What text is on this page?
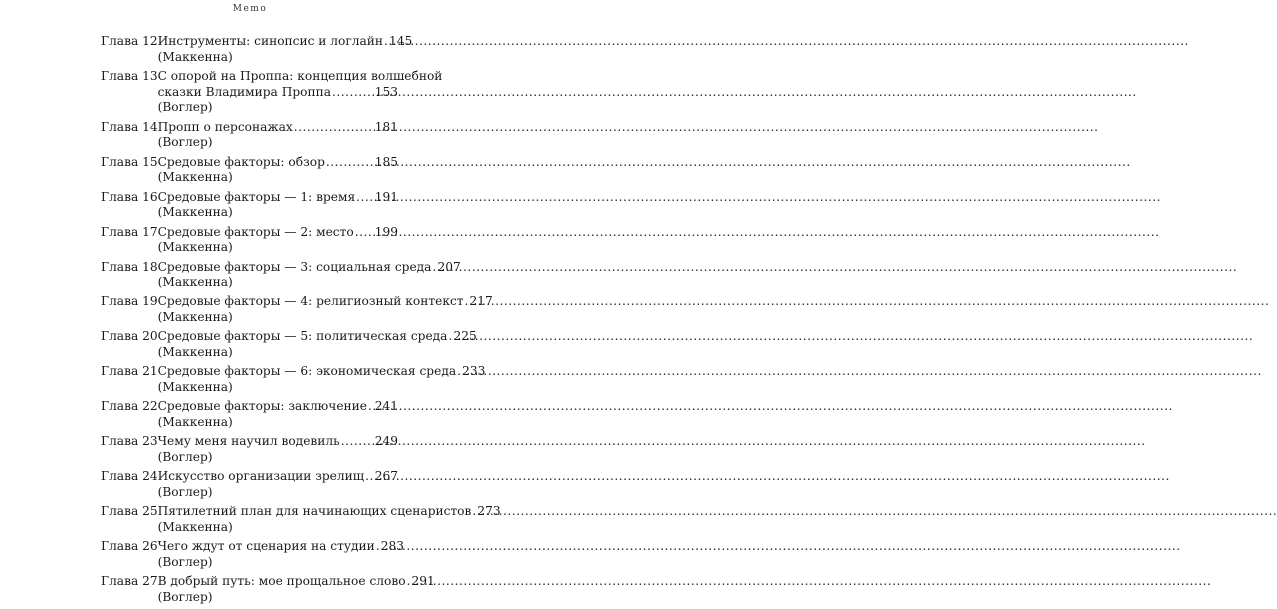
Memo
Глава 12 Инструменты: синопсис и логлайн ..... 145
(Маккенна)
Глава 13 С опорой на Проппа: концепция волшебной
сказки Владимира Проппа .....	153
(Воглер)
Глава 14 Пропп о персонажах .....	181
(Воглер)
Глава 15 Средовые факторы: обзор .....	185
(Маккенна)
Глава 16 Средовые факторы — 1: время ..... 191
(Маккенна)
Глава 17 Средовые факторы — 2: место ..... 199
(Маккенна)
Глава 18 Средовые факторы — 3: социальная среда ..... 207
(Маккенна)
Глава 19 Средовые факторы — 4: религиозный контекст ..... 217
(Маккенна)
Глава 20 Средовые факторы — 5: политическая среда ..... 225
(Маккенна)
Глава 21 Средовые факторы — 6: экономическая среда ..... 233
(Маккенна)
Глава 22 Средовые факторы: заключение ..... 241
(Маккенна)
Глава 23 Чему меня научил водевиль .....	249
(Воглер)
Глава 24 Искусство организации зрелищ ..... 267
(Воглер)
Глава 25 Пятилетний план для начинающих сценаристов ..... 273
(Маккенна)
Глава 26 Чего ждут от сценария на студии ..... 283
(Воглер)
Глава 27 В добрый путь: мое прощальное слово ..... 291
(Воглер)
